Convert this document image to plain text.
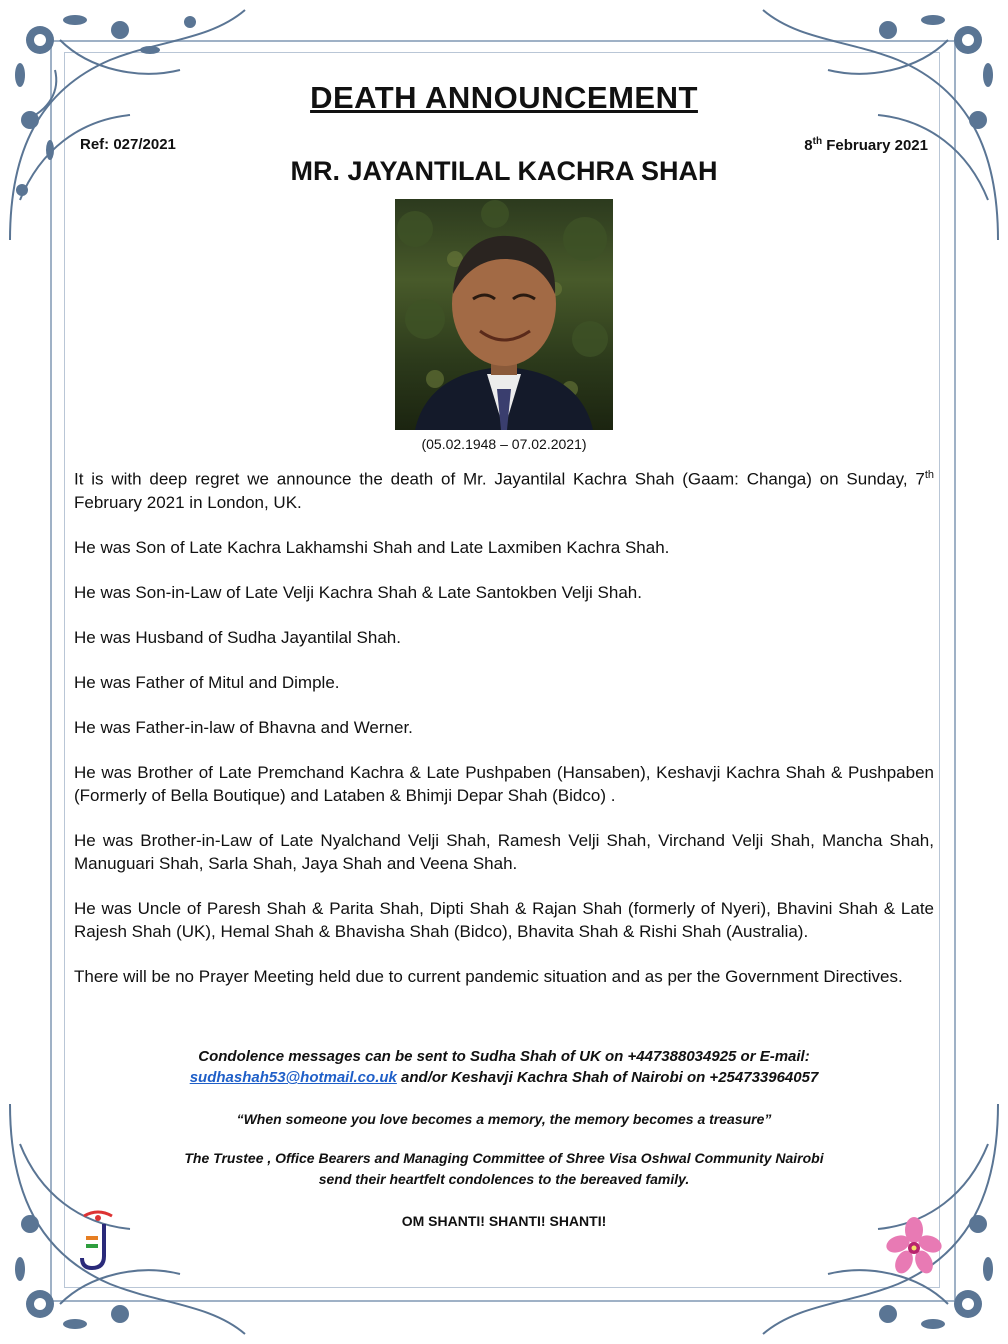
DEATH ANNOUNCEMENT
Ref: 027/2021	8th February 2021
MR. JAYANTILAL KACHRA SHAH
(05.02.1948 – 07.02.2021)

It is with deep regret we announce the death of Mr. Jayantilal Kachra Shah (Gaam: Changa) on Sunday, 7th February 2021 in London, UK.

He was Son of Late Kachra Lakhamshi Shah and Late Laxmiben Kachra Shah.

He was Son-in-Law of Late Velji Kachra Shah & Late Santokben Velji Shah.

He was Husband of Sudha Jayantilal Shah.

He was Father of Mitul and Dimple.

He was Father-in-law of Bhavna and Werner.

He was Brother of Late Premchand Kachra & Late Pushpaben (Hansaben), Keshavji Kachra Shah & Pushpaben (Formerly of Bella Boutique) and Lataben & Bhimji Depar Shah (Bidco) .

He was Brother-in-Law of Late Nyalchand Velji Shah, Ramesh Velji Shah, Virchand Velji Shah, Mancha Shah, Manuguari Shah, Sarla Shah, Jaya Shah and Veena Shah.

He was Uncle of Paresh Shah & Parita Shah, Dipti Shah & Rajan Shah (formerly of Nyeri), Bhavini Shah & Late Rajesh Shah (UK), Hemal Shah & Bhavisha Shah (Bidco), Bhavita Shah & Rishi Shah (Australia).

There will be no Prayer Meeting held due to current pandemic situation and as per the Government Directives.

Condolence messages can be sent to Sudha Shah of UK on +447388034925 or E-mail:
sudhashah53@hotmail.co.uk and/or Keshavji Kachra Shah of Nairobi on +254733964057
“When someone you love becomes a memory, the memory becomes a treasure”
The Trustee , Office Bearers and Managing Committee of Shree Visa Oshwal Community Nairobi
send their heartfelt condolences to the bereaved family.
OM SHANTI! SHANTI! SHANTI!
